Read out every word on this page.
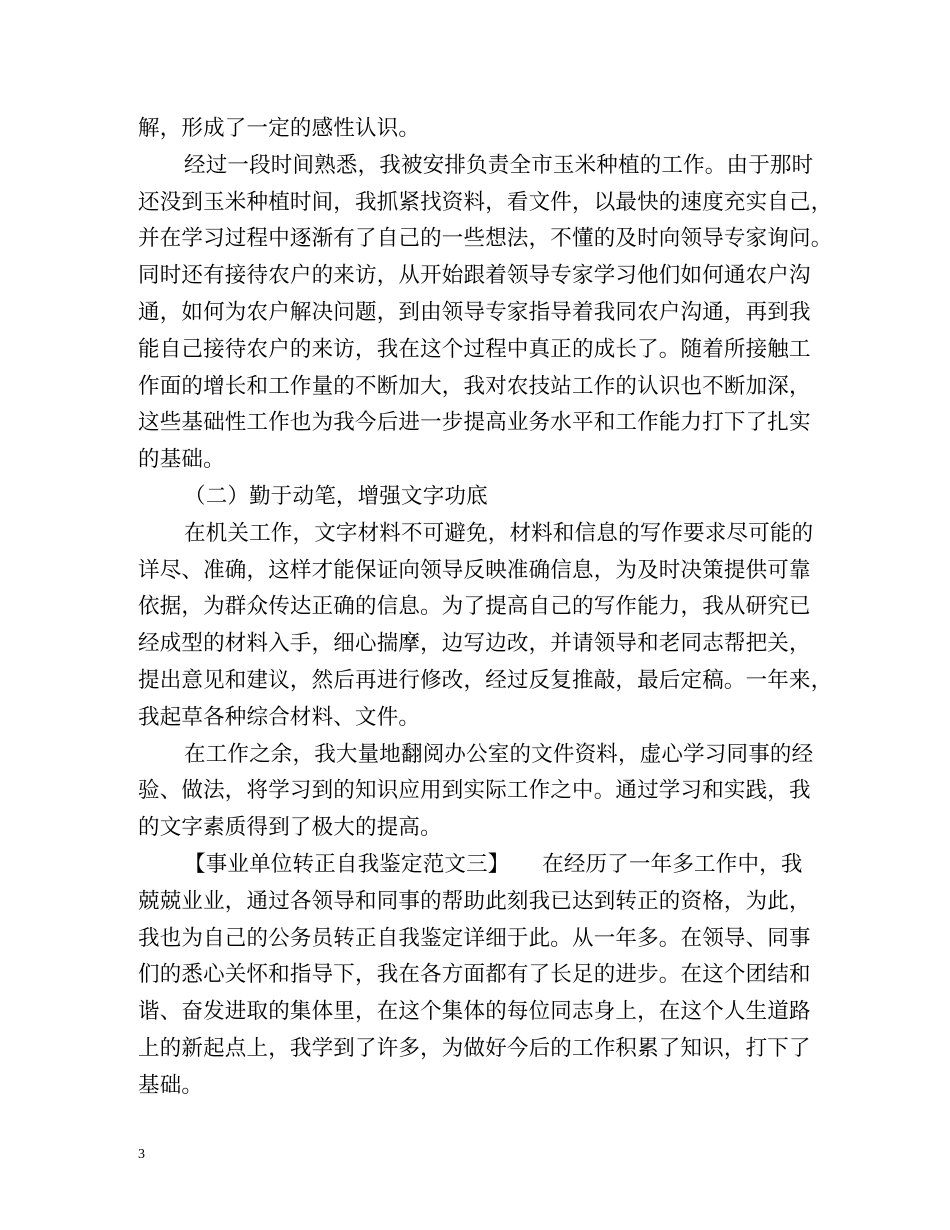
解，形成了一定的感性认识。
经过一段时间熟悉，我被安排负责全市玉米种植的工作。由于那时
还没到玉米种植时间，我抓紧找资料，看文件，以最快的速度充实自己，
并在学习过程中逐渐有了自己的一些想法，不懂的及时向领导专家询问。
同时还有接待农户的来访，从开始跟着领导专家学习他们如何通农户沟
通，如何为农户解决问题，到由领导专家指导着我同农户沟通，再到我
能自己接待农户的来访，我在这个过程中真正的成长了。随着所接触工
作面的增长和工作量的不断加大，我对农技站工作的认识也不断加深，
这些基础性工作也为我今后进一步提高业务水平和工作能力打下了扎实
的基础。
（二）勤于动笔，增强文字功底
在机关工作，文字材料不可避免，材料和信息的写作要求尽可能的
详尽、准确，这样才能保证向领导反映准确信息，为及时决策提供可靠
依据，为群众传达正确的信息。为了提高自己的写作能力，我从研究已
经成型的材料入手，细心揣摩，边写边改，并请领导和老同志帮把关，
提出意见和建议，然后再进行修改，经过反复推敲，最后定稿。一年来，
我起草各种综合材料、文件。
在工作之余，我大量地翻阅办公室的文件资料，虚心学习同事的经
验、做法，将学习到的知识应用到实际工作之中。通过学习和实践，我
的文字素质得到了极大的提高。
【事业单位转正自我鉴定范文三】　　在经历了一年多工作中，我
兢兢业业，通过各领导和同事的帮助此刻我已达到转正的资格，为此，
我也为自己的公务员转正自我鉴定详细于此。从一年多。在领导、同事
们的悉心关怀和指导下，我在各方面都有了长足的进步。在这个团结和
谐、奋发进取的集体里，在这个集体的每位同志身上，在这个人生道路
上的新起点上，我学到了许多，为做好今后的工作积累了知识，打下了
基础。
3
